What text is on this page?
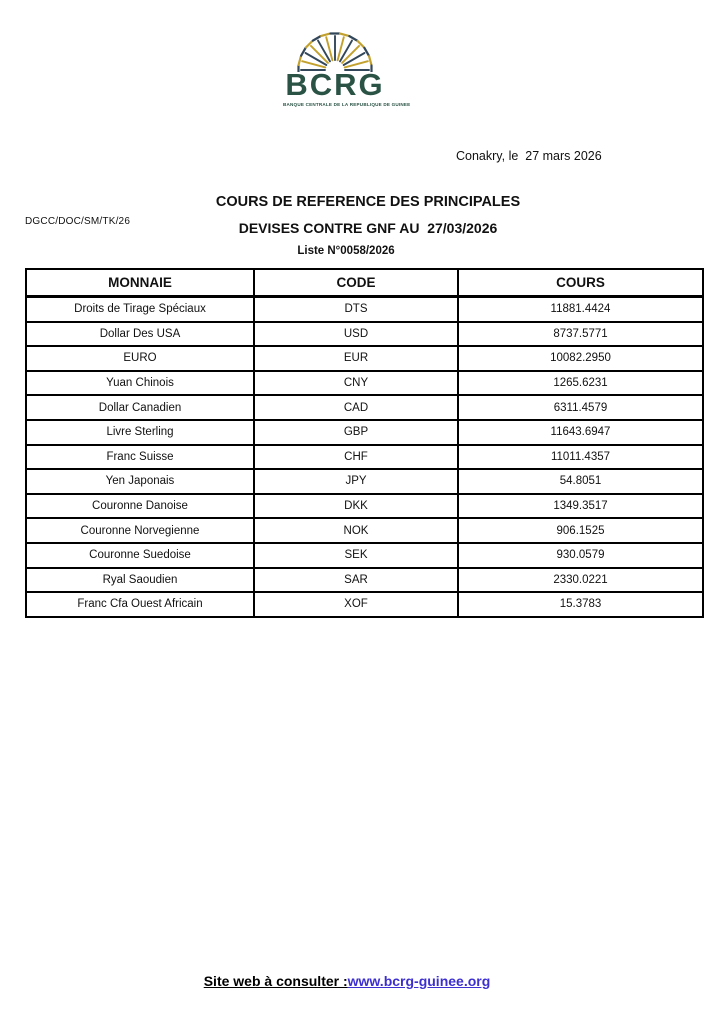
BCRG
BANQUE CENTRALE DE LA REPUBLIQUE DE GUINEE
Conakry, le  27 mars 2026
DGCC/DOC/SM/TK/26
COURS DE REFERENCE DES PRINCIPALES
DEVISES CONTRE GNF AU  27/03/2026
Liste N°0058/2026
MONNAIE	CODE	COURS
Droits de Tirage Spéciaux	DTS	11881.4424
Dollar Des USA	USD	8737.5771
EURO	EUR	10082.2950
Yuan Chinois	CNY	1265.6231
Dollar Canadien	CAD	6311.4579
Livre Sterling	GBP	11643.6947
Franc Suisse	CHF	11011.4357
Yen Japonais	JPY	54.8051
Couronne Danoise	DKK	1349.3517
Couronne Norvegienne	NOK	906.1525
Couronne Suedoise	SEK	930.0579
Ryal Saoudien	SAR	2330.0221
Franc Cfa Ouest Africain	XOF	15.3783
Site web à consulter :www.bcrg-guinee.org
